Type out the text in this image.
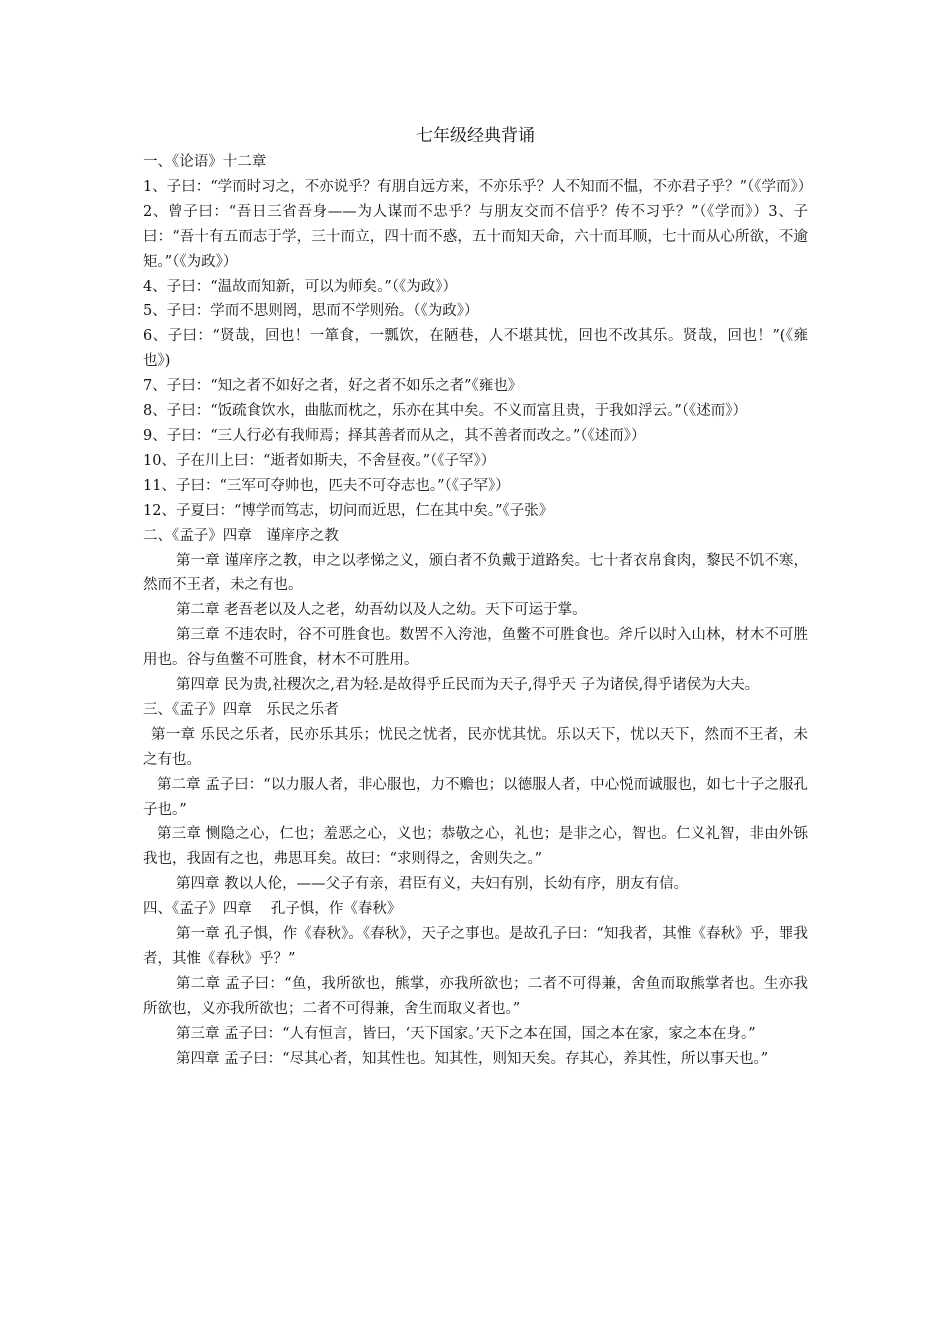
七年级经典背诵

一、《论语》十二章

1、子曰：“学而时习之，不亦说乎？有朋自远方来，不亦乐乎？人不知而不愠，不亦君子乎？”（《学而》）

2、曾子曰：“吾日三省吾身——为人谋而不忠乎？与朋友交而不信乎？传不习乎？”（《学而》）3、子曰：“吾十有五而志于学，三十而立，四十而不惑，五十而知天命，六十而耳顺，七十而从心所欲，不逾矩。”（《为政》）

4、子曰：“温故而知新，可以为师矣。”（《为政》）

5、子曰：学而不思则罔，思而不学则殆。（《为政》）

6、子曰：“贤哉，回也！一箪食，一瓢饮，在陋巷，人不堪其忧，回也不改其乐。贤哉，回也！”(《雍也》)

7、子曰：“知之者不如好之者，好之者不如乐之者”《雍也》

8、子曰：“饭疏食饮水，曲肱而枕之，乐亦在其中矣。不义而富且贵，于我如浮云。”（《述而》）

9、子曰：“三人行必有我师焉；择其善者而从之，其不善者而改之。”（《述而》）

10、子在川上曰：“逝者如斯夫，不舍昼夜。”（《子罕》）

11、子曰：“三军可夺帅也，匹夫不可夺志也。”（《子罕》）

12、子夏曰：“博学而笃志，切问而近思，仁在其中矣。”《子张》

二、《孟子》四章　谨庠序之教

第一章 谨庠序之教，申之以孝悌之义，颁白者不负戴于道路矣。七十者衣帛食肉，黎民不饥不寒，然而不王者，未之有也。

第二章 老吾老以及人之老，幼吾幼以及人之幼。天下可运于掌。

第三章 不违农时，谷不可胜食也。数罟不入洿池，鱼鳖不可胜食也。斧斤以时入山林，材木不可胜用也。谷与鱼鳖不可胜食，材木不可胜用。

第四章 民为贵,社稷次之,君为轻.是故得乎丘民而为天子,得乎天 子为诸侯,得乎诸侯为大夫。

三、《孟子》四章　乐民之乐者

第一章 乐民之乐者，民亦乐其乐；忧民之忧者，民亦忧其忧。乐以天下，忧以天下，然而不王者，未之有也。

第二章 孟子曰：“以力服人者，非心服也，力不赡也；以德服人者，中心悦而诚服也，如七十子之服孔子也。”

第三章 恻隐之心，仁也；羞恶之心，义也；恭敬之心，礼也；是非之心，智也。仁义礼智，非由外铄我也，我固有之也，弗思耳矣。故曰：“求则得之，舍则失之。”

第四章 教以人伦，——父子有亲，君臣有义，夫妇有别，长幼有序，朋友有信。

四、《孟子》四章　 孔子惧，作《春秋》

第一章 孔子惧，作《春秋》。《春秋》，天子之事也。是故孔子曰：“知我者，其惟《春秋》乎，罪我者，其惟《春秋》乎？”

第二章 孟子曰：“鱼，我所欲也，熊掌，亦我所欲也；二者不可得兼，舍鱼而取熊掌者也。生亦我所欲也，义亦我所欲也；二者不可得兼，舍生而取义者也。”

第三章 孟子曰：“人有恒言，皆曰，‘天下国家。’天下之本在国，国之本在家，家之本在身。”

第四章 孟子曰：“尽其心者，知其性也。知其性，则知天矣。存其心，养其性，所以事天也。”
